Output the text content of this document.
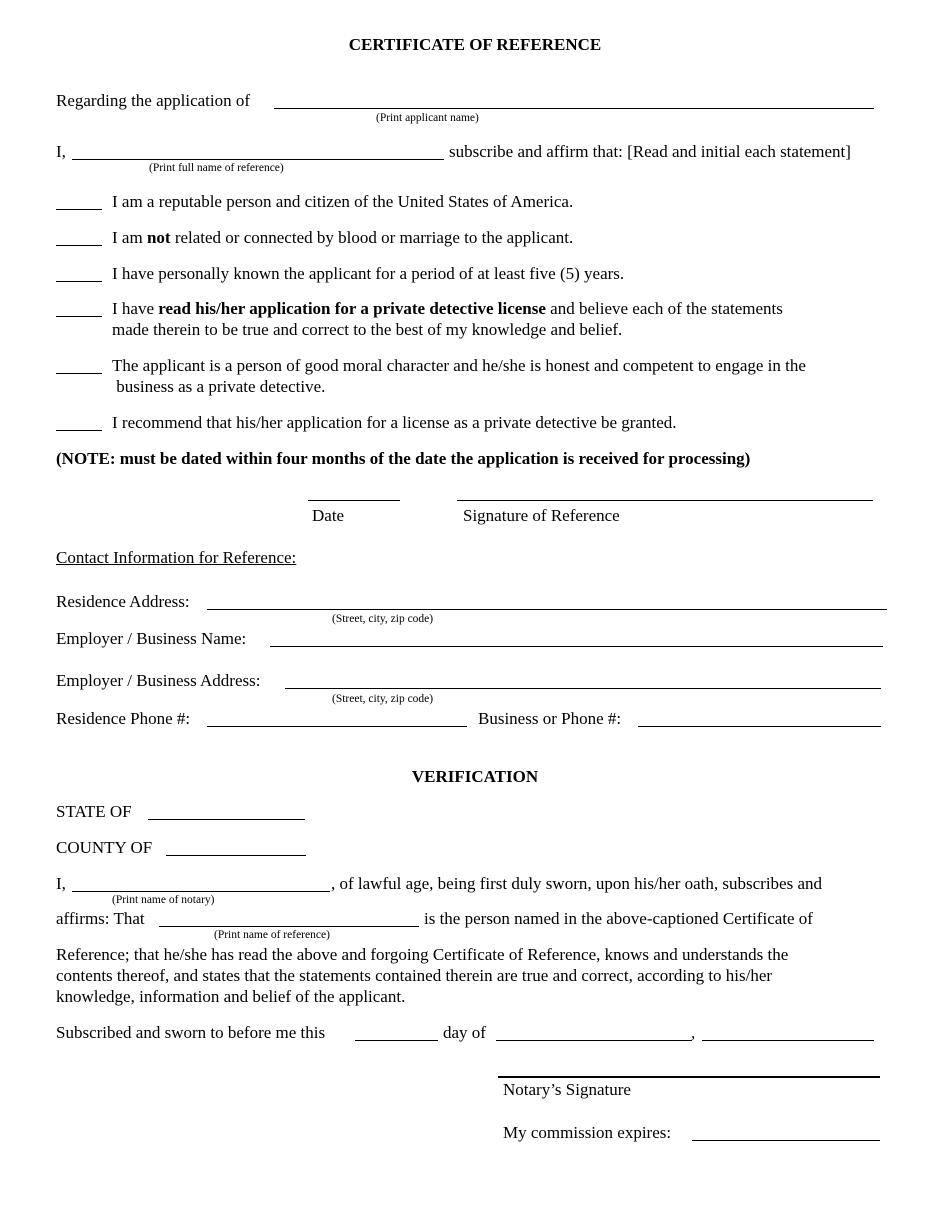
CERTIFICATE OF REFERENCE
Regarding the application of
(Print applicant name)
I,	subscribe and affirm that: [Read and initial each statement]
(Print full name of reference)
I am a reputable person and citizen of the United States of America.
I am not related or connected by blood or marriage to the applicant.
I have personally known the applicant for a period of at least five (5) years.
I have read his/her application for a private detective license and believe each of the statements
made therein to be true and correct to the best of my knowledge and belief.
The applicant is a person of good moral character and he/she is honest and competent to engage in the
business as a private detective.
I recommend that his/her application for a license as a private detective be granted.
(NOTE: must be dated within four months of the date the application is received for processing)
Date	Signature of Reference
Contact Information for Reference:
Residence Address:
(Street, city, zip code)
Employer / Business Name:
Employer / Business Address:
(Street, city, zip code)
Residence Phone #:	Business or Phone #:
VERIFICATION
STATE OF
COUNTY OF
I,	, of lawful age, being first duly sworn, upon his/her oath, subscribes and
(Print name of notary)
affirms: That	is the person named in the above-captioned Certificate of
(Print name of reference)
Reference; that he/she has read the above and forgoing Certificate of Reference, knows and understands the
contents thereof, and states that the statements contained therein are true and correct, according to his/her
knowledge, information and belief of the applicant.
Subscribed and sworn to before me this	day of	,
Notary’s Signature
My commission expires:
